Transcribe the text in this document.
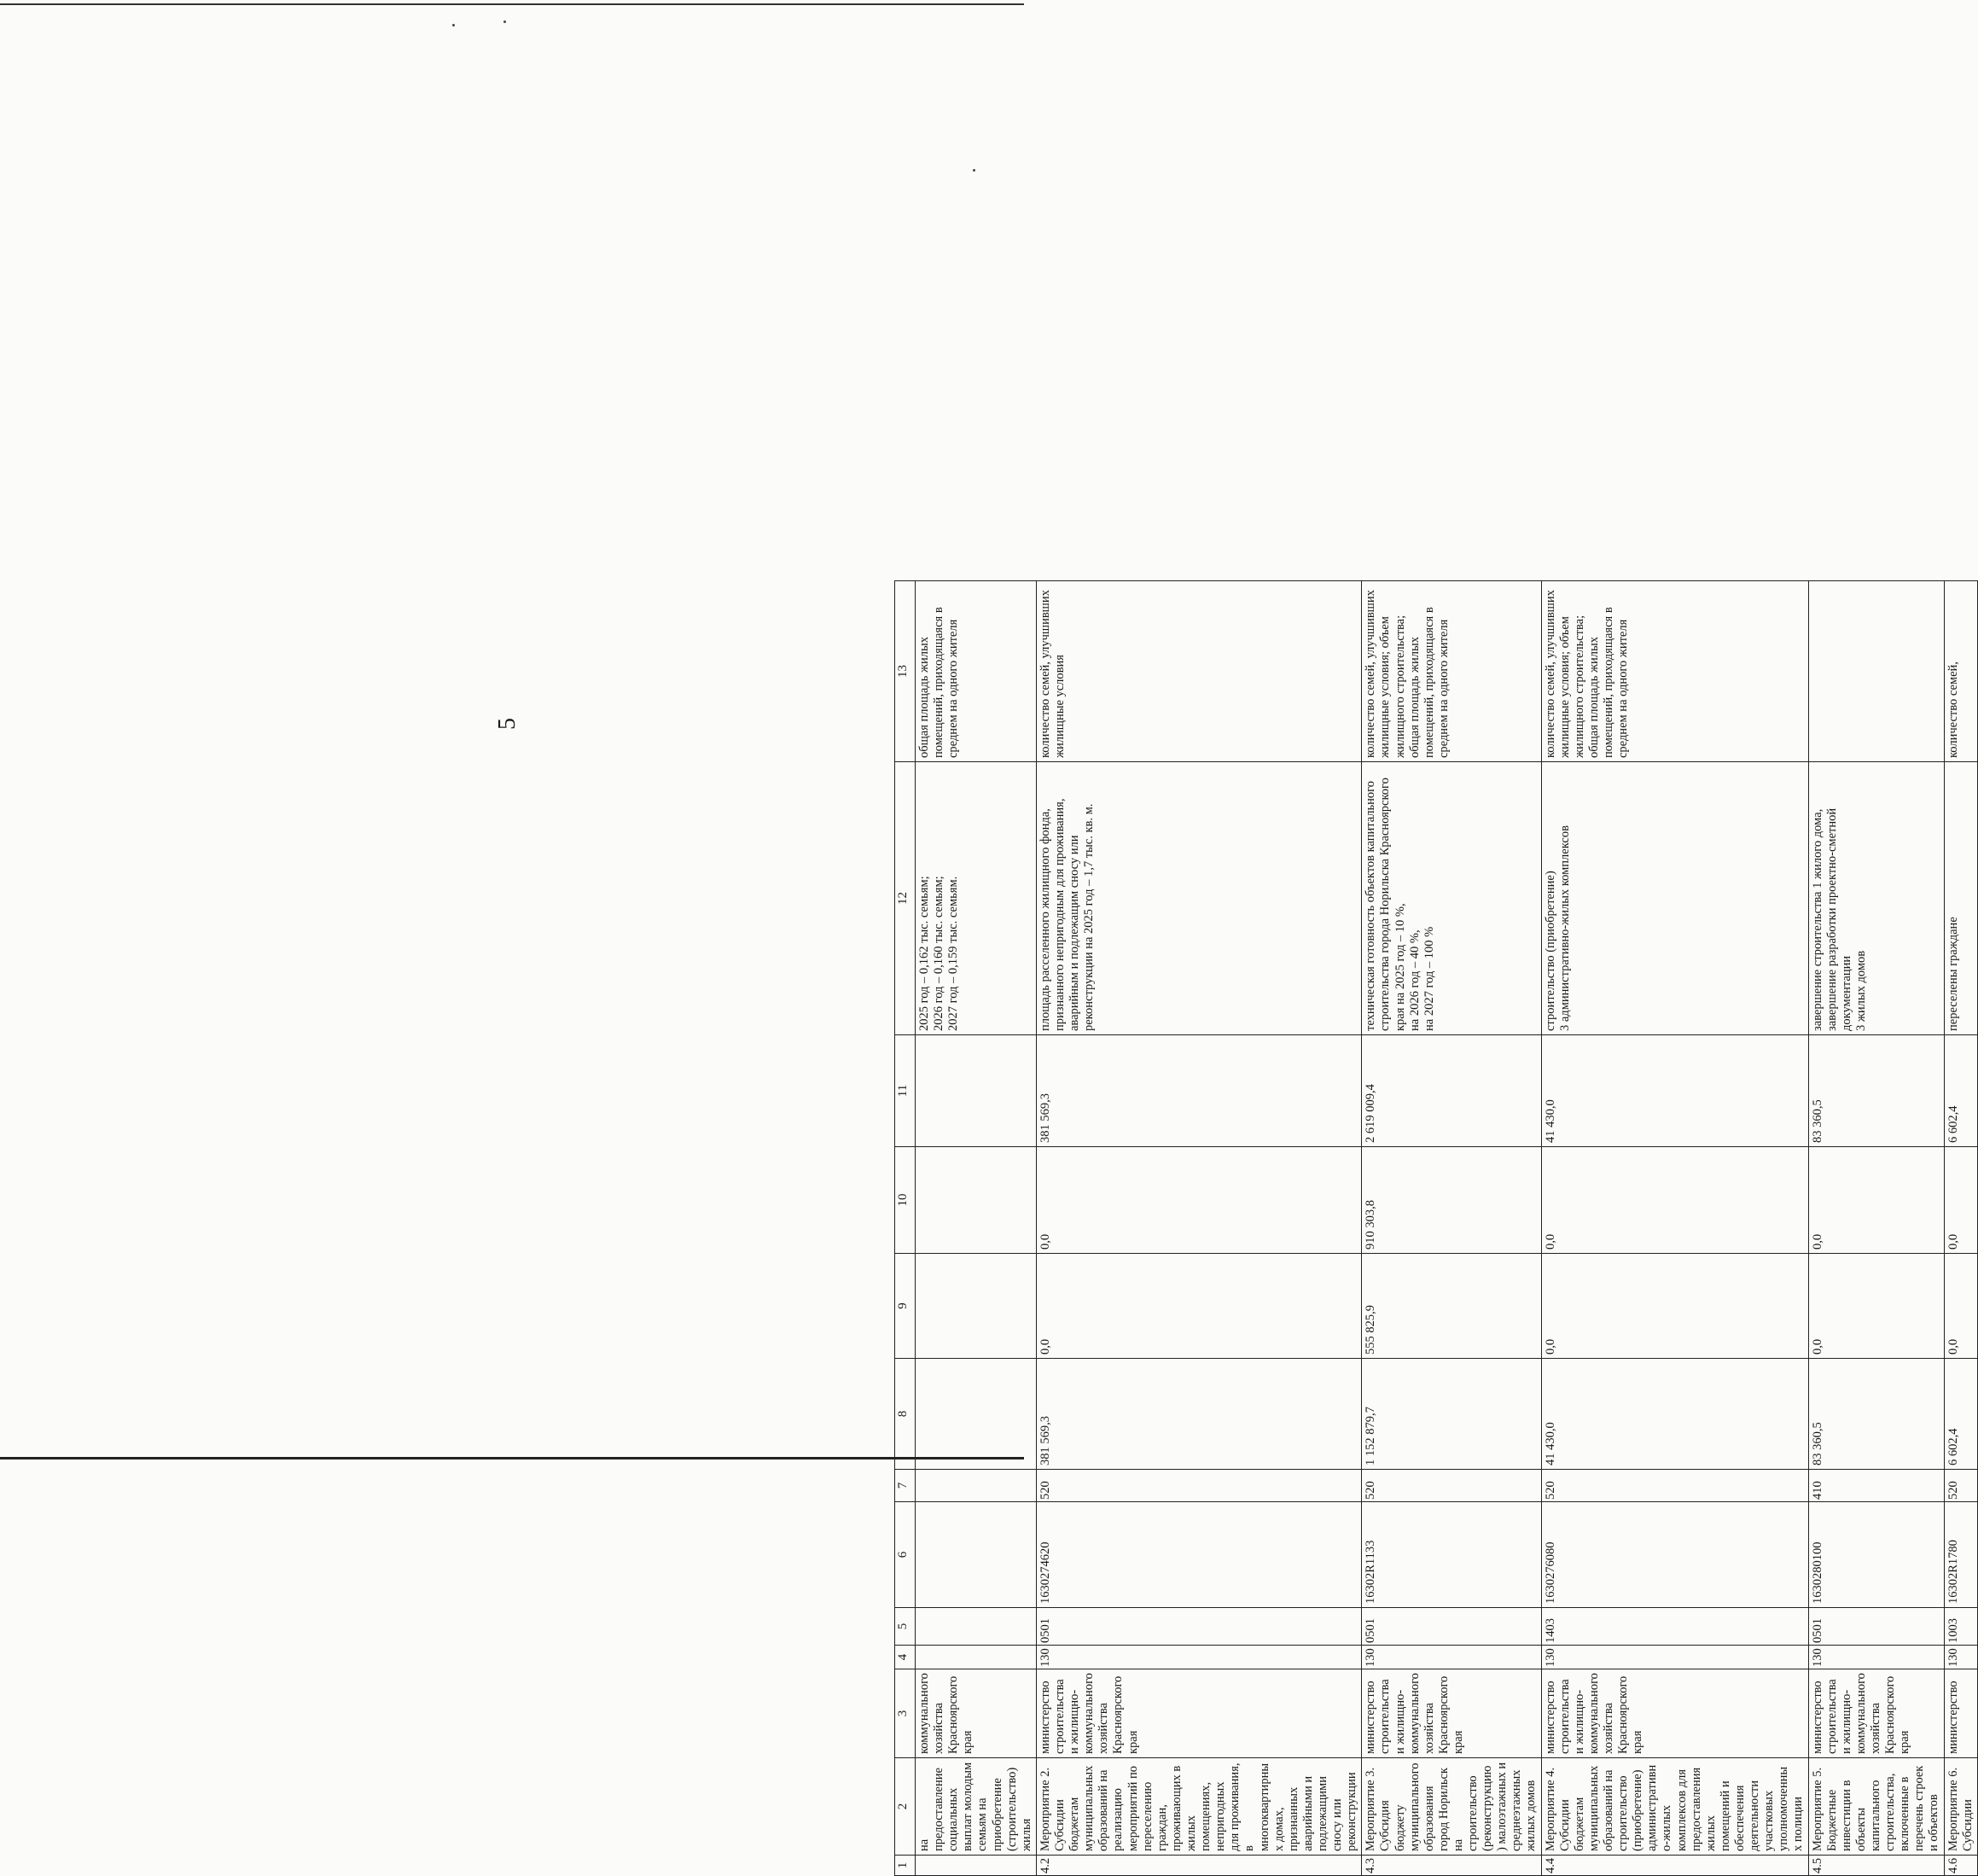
5
1	2	3	4	5	6	7	8	9	10	11	12	13
	на предоставление социальных выплат молодым семьям на приобретение (строительство) жилья	коммунального хозяйства Красноярского края									2025 год – 0,162 тыс. семьям;
2026 год – 0,160 тыс. семьям;
2027 год – 0,159 тыс. семьям.	общая площадь жилых помещений, приходящаяся в среднем на одного жителя
4.2	Мероприятие 2. Субсидии бюджетам муниципальных образований на реализацию мероприятий по переселению граждан, проживающих в жилых помещениях, непригодных для проживания, в многоквартирных домах, признанных аварийными и подлежащими сносу или реконструкции	министерство строительства и жилищно-коммунального хозяйства Красноярского края	130	0501	1630274620	520	381 569,3	0,0	0,0	381 569,3	площадь расселенного жилищного фонда, признанного непригодным для проживания, аварийным и подлежащим сносу или реконструкции на 2025 год – 1,7 тыс. кв. м.	количество семей, улучшивших жилищные условия
4.3	Мероприятие 3. Субсидия бюджету муниципального образования город Норильск на строительство (реконструкцию) малоэтажных и среднеэтажных жилых домов	министерство строительства и жилищно-коммунального хозяйства Красноярского края	130	0501	16302R1133	520	1 152 879,7	555 825,9	910 303,8	2 619 009,4	техническая готовность объектов капитального строительства города Норильска Красноярского края на 2025 год – 10 %,
на 2026 год – 40 %,
на 2027 год – 100 %	количество семей, улучшивших жилищные условия; объем жилищного строительства; общая площадь жилых помещений, приходящаяся в среднем на одного жителя
4.4	Мероприятие 4. Субсидии бюджетам муниципальных образований на строительство (приобретение) административно-жилых комплексов для предоставления жилых помещений и обеспечения деятельности участковых уполномоченных полиции	министерство строительства и жилищно-коммунального хозяйства Красноярского края	130	1403	1630276080	520	41 430,0	0,0	0,0	41 430,0	строительство (приобретение)
3 административно-жилых комплексов	количество семей, улучшивших жилищные условия; объем жилищного строительства; общая площадь жилых помещений, приходящаяся в среднем на одного жителя
4.5	Мероприятие 5. Бюджетные инвестиции в объекты капитального строительства, включенные в перечень строек и объектов	министерство строительства и жилищно-коммунального хозяйства Красноярского края	130	0501	1630280100	410	83 360,5	0,0	0,0	83 360,5	завершение строительства 1 жилого дома, завершение разработки проектно-сметной документации
3 жилых домов	
4.6	Мероприятие 6. Субсидии	министерство	130	1003	16302R1780	520	6 602,4	0,0	0,0	6 602,4	переселены граждане	количество семей,
